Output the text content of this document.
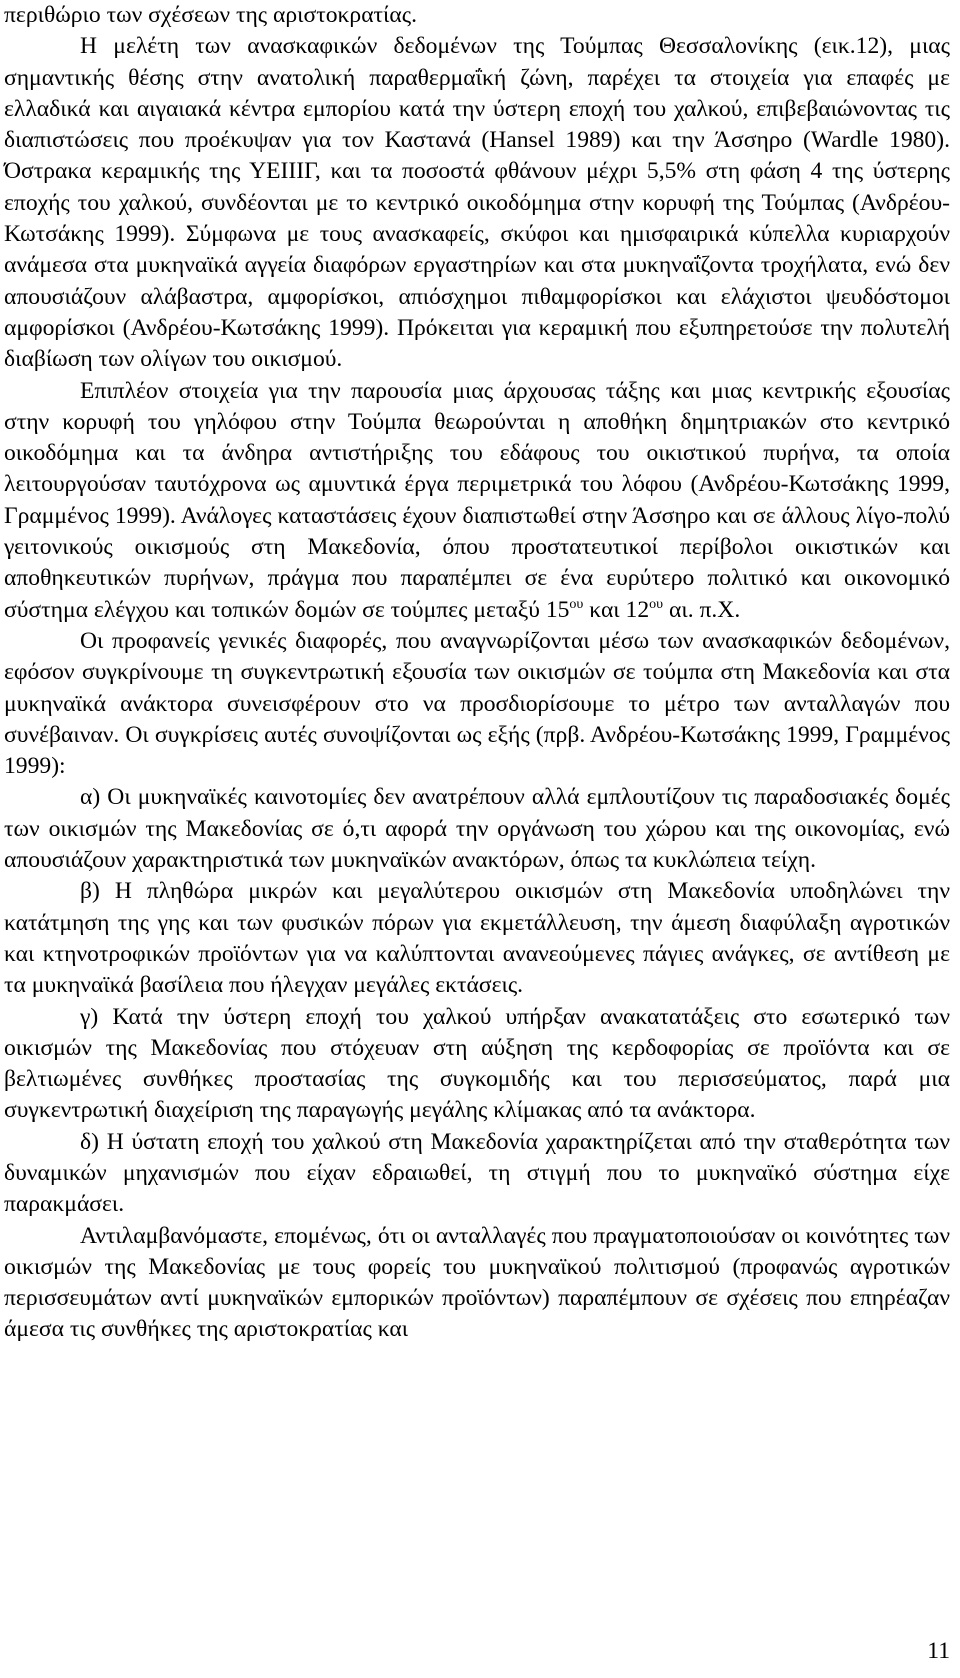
περιθώριο των σχέσεων της αριστοκρατίας.

Η μελέτη των ανασκαφικών δεδομένων της Τούμπας Θεσσαλονίκης (εικ.12), μιας σημαντικής θέσης στην ανατολική παραθερμαΐκή ζώνη, παρέχει τα στοιχεία για επαφές με ελλαδικά και αιγαιακά κέντρα εμπορίου κατά την ύστερη εποχή του χαλκού, επιβεβαιώνοντας τις διαπιστώσεις που προέκυψαν για τον Καστανά (Hansel 1989) και την Άσσηρο (Wardle 1980). Όστρακα κεραμικής της ΥΕΙΙΙΓ, και τα ποσοστά φθάνουν μέχρι 5,5% στη φάση 4 της ύστερης εποχής του χαλκού, συνδέονται με το κεντρικό οικοδόμημα στην κορυφή της Τούμπας (Ανδρέου-Κωτσάκης 1999). Σύμφωνα με τους ανασκαφείς, σκύφοι και ημισφαιρικά κύπελλα κυριαρχούν ανάμεσα στα μυκηναϊκά αγγεία διαφόρων εργαστηρίων και στα μυκηναΐζοντα τροχήλατα, ενώ δεν απουσιάζουν αλάβαστρα, αμφορίσκοι, απιόσχημοι πιθαμφορίσκοι και ελάχιστοι ψευδόστομοι αμφορίσκοι (Ανδρέου-Κωτσάκης 1999). Πρόκειται για κεραμική που εξυπηρετούσε την πολυτελή διαβίωση των ολίγων του οικισμού.

Επιπλέον στοιχεία για την παρουσία μιας άρχουσας τάξης και μιας κεντρικής εξουσίας στην κορυφή του γηλόφου στην Τούμπα θεωρούνται η αποθήκη δημητριακών στο κεντρικό οικοδόμημα και τα άνδηρα αντιστήριξης του εδάφους του οικιστικού πυρήνα, τα οποία λειτουργούσαν ταυτόχρονα ως αμυντικά έργα περιμετρικά του λόφου (Ανδρέου-Κωτσάκης 1999, Γραμμένος 1999). Ανάλογες καταστάσεις έχουν διαπιστωθεί στην Άσσηρο και σε άλλους λίγο-πολύ γειτονικούς οικισμούς στη Μακεδονία, όπου προστατευτικοί περίβολοι οικιστικών και αποθηκευτικών πυρήνων, πράγμα που παραπέμπει σε ένα ευρύτερο πολιτικό και οικονομικό σύστημα ελέγχου και τοπικών δομών σε τούμπες μεταξύ $15^{o\upsilon}$ και $12^{o\upsilon}$ αι. π.Χ.

Οι προφανείς γενικές διαφορές, που αναγνωρίζονται μέσω των ανασκαφικών δεδομένων, εφόσον συγκρίνουμε τη συγκεντρωτική εξουσία των οικισμών σε τούμπα στη Μακεδονία και στα μυκηναϊκά ανάκτορα συνεισφέρουν στο να προσδιορίσουμε το μέτρο των ανταλλαγών που συνέβαιναν. Οι συγκρίσεις αυτές συνοψίζονται ως εξής (πρβ. Ανδρέου-Κωτσάκης 1999, Γραμμένος 1999):

α) Οι μυκηναϊκές καινοτομίες δεν ανατρέπουν αλλά εμπλουτίζουν τις παραδοσιακές δομές των οικισμών της Μακεδονίας σε ό,τι αφορά την οργάνωση του χώρου και της οικονομίας, ενώ απουσιάζουν χαρακτηριστικά των μυκηναϊκών ανακτόρων, όπως τα κυκλώπεια τείχη.

β) Η πληθώρα μικρών και μεγαλύτερου οικισμών στη Μακεδονία υποδηλώνει την κατάτμηση της γης και των φυσικών πόρων για εκμετάλλευση, την άμεση διαφύλαξη αγροτικών και κτηνοτροφικών προϊόντων για να καλύπτονται ανανεούμενες πάγιες ανάγκες, σε αντίθεση με τα μυκηναϊκά βασίλεια που ήλεγχαν μεγάλες εκτάσεις.

γ) Κατά την ύστερη εποχή του χαλκού υπήρξαν ανακατατάξεις στο εσωτερικό των οικισμών της Μακεδονίας που στόχευαν στη αύξηση της κερδοφορίας σε προϊόντα και σε βελτιωμένες συνθήκες προστασίας της συγκομιδής και του περισσεύματος, παρά μια συγκεντρωτική διαχείριση της παραγωγής μεγάλης κλίμακας από τα ανάκτορα.

δ) Η ύστατη εποχή του χαλκού στη Μακεδονία χαρακτηρίζεται από την σταθερότητα των δυναμικών μηχανισμών που είχαν εδραιωθεί, τη στιγμή που το μυκηναϊκό σύστημα είχε παρακμάσει.

Αντιλαμβανόμαστε, επομένως, ότι οι ανταλλαγές που πραγματοποιούσαν οι κοινότητες των οικισμών της Μακεδονίας με τους φορείς του μυκηναϊκού πολιτισμού (προφανώς αγροτικών περισσευμάτων αντί μυκηναϊκών εμπορικών προϊόντων) παραπέμπουν σε σχέσεις που επηρέαζαν άμεσα τις συνθήκες της αριστοκρατίας και

11
